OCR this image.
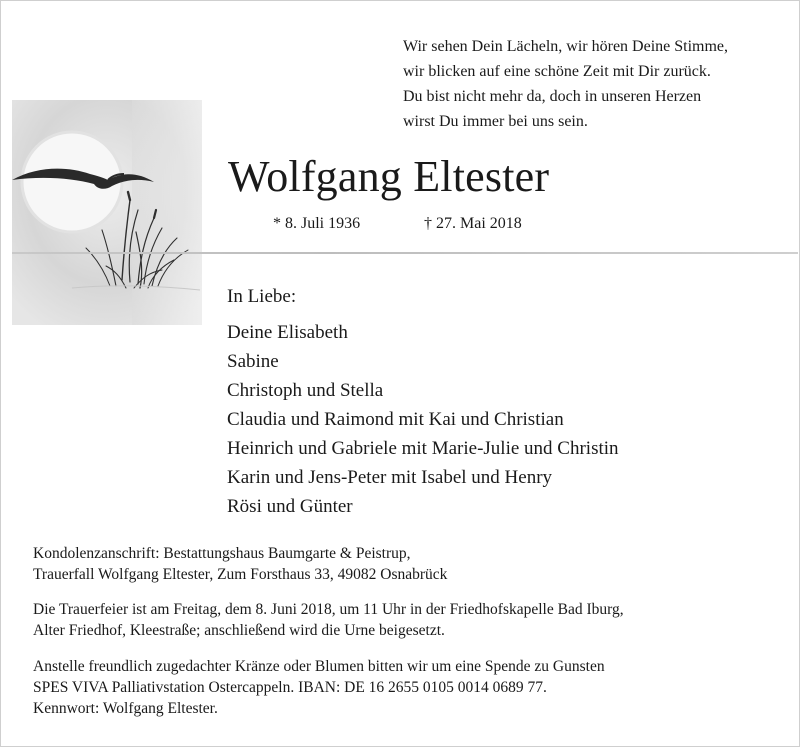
Wir sehen Dein Lächeln, wir hören Deine Stimme,
wir blicken auf eine schöne Zeit mit Dir zurück.
Du bist nicht mehr da, doch in unseren Herzen
wirst Du immer bei uns sein.
Wolfgang Eltester
* 8. Juli 1936	† 27. Mai 2018
In Liebe:
Deine Elisabeth
Sabine
Christoph und Stella
Claudia und Raimond mit Kai und Christian
Heinrich und Gabriele mit Marie-Julie und Christin
Karin und Jens-Peter mit Isabel und Henry
Rösi und Günter
Kondolenzanschrift: Bestattungshaus Baumgarte & Peistrup,
Trauerfall Wolfgang Eltester, Zum Forsthaus 33, 49082 Osnabrück
Die Trauerfeier ist am Freitag, dem 8. Juni 2018, um 11 Uhr in der Friedhofskapelle Bad Iburg,
Alter Friedhof, Kleestraße; anschließend wird die Urne beigesetzt.
Anstelle freundlich zugedachter Kränze oder Blumen bitten wir um eine Spende zu Gunsten
SPES VIVA Palliativstation Ostercappeln. IBAN: DE 16 2655 0105 0014 0689 77.
Kennwort: Wolfgang Eltester.
